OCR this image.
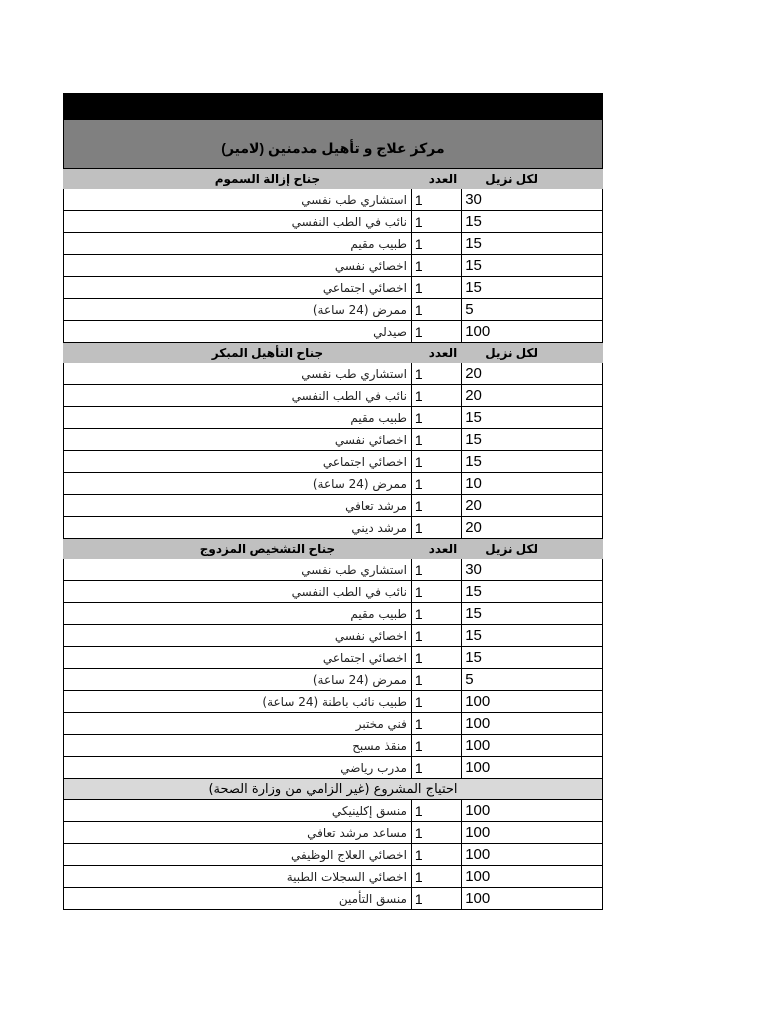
مركز علاج و تأهيل مدمنين (لامير)		
جناح إزالة السموم	العدد	لكل نزيل
استشاري طب نفسي	1	30
نائب في الطب النفسي	1	15
طبيب مقيم	1	15
اخصائي نفسي	1	15
اخصائي اجتماعي	1	15
ممرض (24 ساعة)	1	5
صيدلي	1	100
جناح التأهيل المبكر	العدد	لكل نزيل
استشاري طب نفسي	1	20
نائب في الطب النفسي	1	20
طبيب مقيم	1	15
اخصائي نفسي	1	15
اخصائي اجتماعي	1	15
ممرض (24 ساعة)	1	10
مرشد تعافي	1	20
مرشد ديني	1	20
جناح التشخيص المزدوج	العدد	لكل نزيل
استشاري طب نفسي	1	30
نائب في الطب النفسي	1	15
طبيب مقيم	1	15
اخصائي نفسي	1	15
اخصائي اجتماعي	1	15
ممرض (24 ساعة)	1	5
طبيب نائب باطنة (24 ساعة)	1	100
فني مختبر	1	100
منقذ مسبح	1	100
مدرب رياضي	1	100
احتياج المشروع (غير الزامي من وزارة الصحة)		
منسق إكلينيكي	1	100
مساعد مرشد تعافي	1	100
اخصائي العلاج الوظيفي	1	100
اخصائي السجلات الطبية	1	100
منسق التأمين	1	100
